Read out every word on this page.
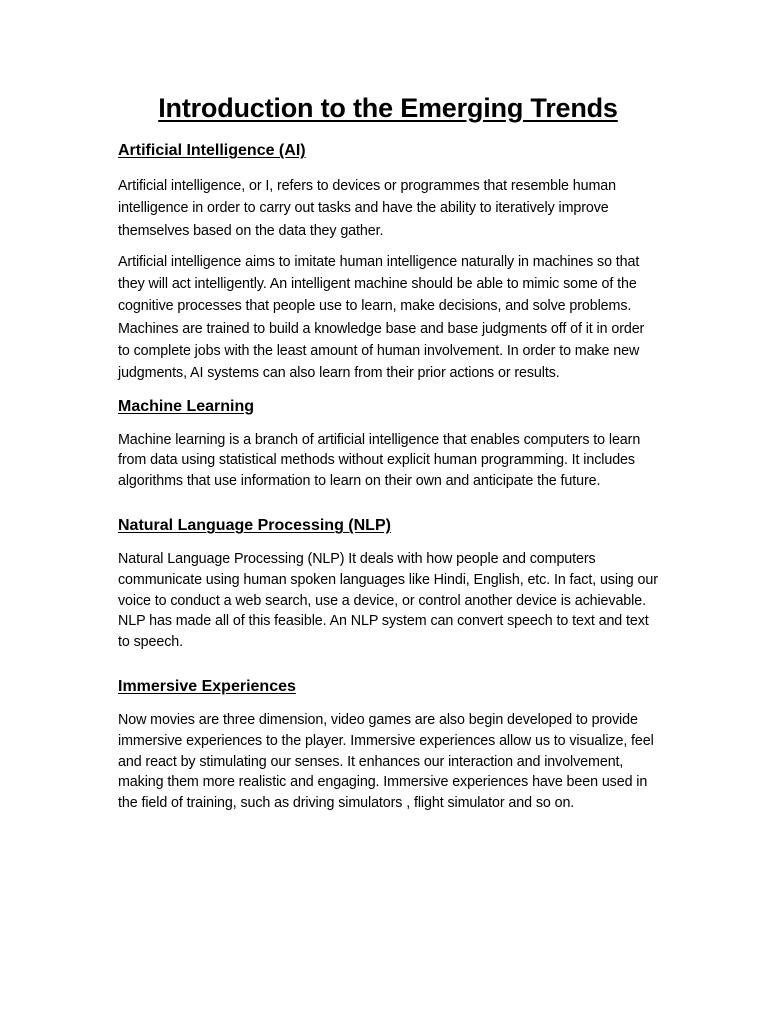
Introduction to the Emerging Trends
Artificial Intelligence (AI)

Artificial intelligence, or I, refers to devices or programmes that resemble human intelligence in order to carry out tasks and have the ability to iteratively improve themselves based on the data they gather.

Artificial intelligence aims to imitate human intelligence naturally in machines so that they will act intelligently. An intelligent machine should be able to mimic some of the cognitive processes that people use to learn, make decisions, and solve problems. Machines are trained to build a knowledge base and base judgments off of it in order to complete jobs with the least amount of human involvement. In order to make new judgments, AI systems can also learn from their prior actions or results.

Machine Learning

Machine learning is a branch of artificial intelligence that enables computers to learn from data using statistical methods without explicit human programming. It includes algorithms that use information to learn on their own and anticipate the future.

Natural Language Processing (NLP)

Natural Language Processing (NLP) It deals with how people and computers communicate using human spoken languages like Hindi, English, etc. In fact, using our voice to conduct a web search, use a device, or control another device is achievable. NLP has made all of this feasible. An NLP system can convert speech to text and text to speech.

Immersive Experiences

Now movies are three dimension, video games are also begin developed to provide immersive experiences to the player. Immersive experiences allow us to visualize, feel and react by stimulating our senses. It enhances our interaction and involvement, making them more realistic and engaging. Immersive experiences have been used in the field of training, such as driving simulators , flight simulator and so on.
